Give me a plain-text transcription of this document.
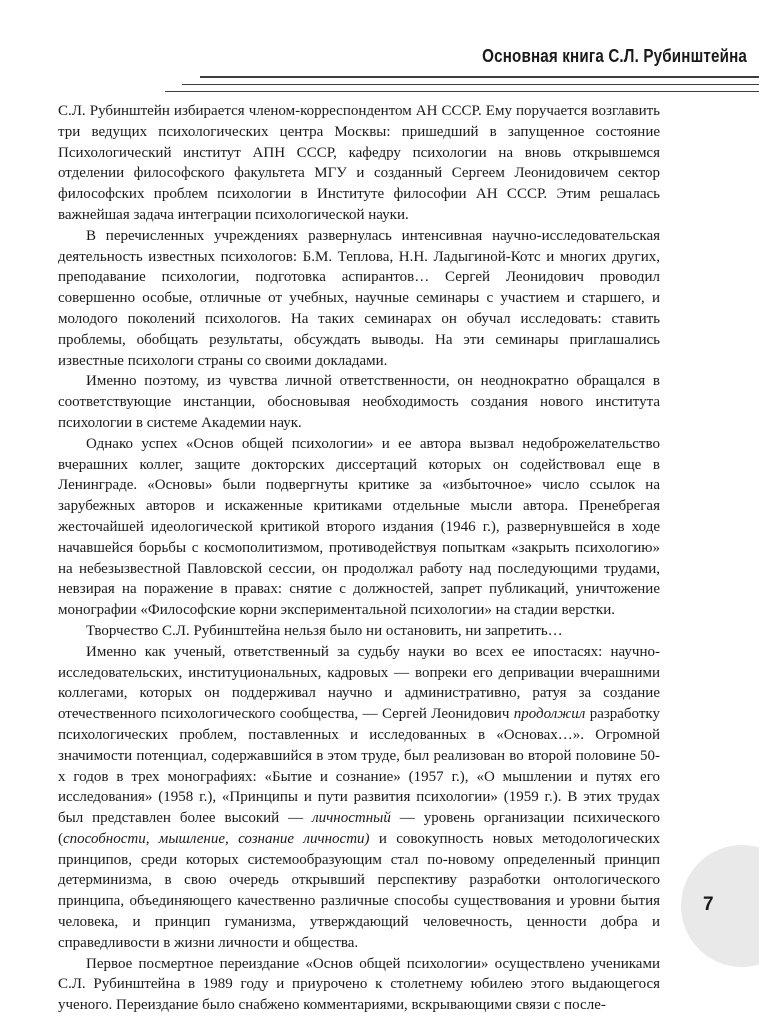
Основная книга С.Л. Рубинштейна

С.Л. Рубинштейн избирается членом-корреспондентом АН СССР. Ему поручается возглавить три ведущих психологических центра Москвы: пришедший в запущенное состояние Психологический институт АПН СССР, кафедру психологии на вновь открывшемся отделении философского факультета МГУ и созданный Сергеем Леонидовичем сектор философских проблем психологии в Институте философии АН СССР. Этим решалась важнейшая задача интеграции психологической науки.

В перечисленных учреждениях развернулась интенсивная научно-исследовательская деятельность известных психологов: Б.М. Теплова, Н.Н. Ладыгиной-Котс и многих других, преподавание психологии, подготовка аспирантов… Сергей Леонидович проводил совершенно особые, отличные от учебных, научные семинары с участием и старшего, и молодого поколений психологов. На таких семинарах он обучал исследовать: ставить проблемы, обобщать результаты, обсуждать выводы. На эти семинары приглашались известные психологи страны со своими докладами.

Именно поэтому, из чувства личной ответственности, он неоднократно обращался в соответствующие инстанции, обосновывая необходимость создания нового института психологии в системе Академии наук.

Однако успех «Основ общей психологии» и ее автора вызвал недоброжелательство вчерашних коллег, защите докторских диссертаций которых он содействовал еще в Ленинграде. «Основы» были подвергнуты критике за «избыточное» число ссылок на зарубежных авторов и искаженные критиками отдельные мысли автора. Пренебрегая жесточайшей идеологической критикой второго издания (1946 г.), развернувшейся в ходе начавшейся борьбы с космополитизмом, противодействуя попыткам «закрыть психологию» на небезызвестной Павловской сессии, он продолжал работу над последующими трудами, невзирая на поражение в правах: снятие с должностей, запрет публикаций, уничтожение монографии «Философские корни экспериментальной психологии» на стадии верстки.

Творчество С.Л. Рубинштейна нельзя было ни остановить, ни запретить…

Именно как ученый, ответственный за судьбу науки во всех ее ипостасях: научно-исследовательских, институциональных, кадровых — вопреки его депривации вчерашними коллегами, которых он поддерживал научно и административно, ратуя за создание отечественного психологического сообщества, — Сергей Леонидович продолжил разработку психологических проблем, поставленных и исследованных в «Основах…». Огромной значимости потенциал, содержавшийся в этом труде, был реализован во второй половине 50-х годов в трех монографиях: «Бытие и сознание» (1957 г.), «О мышлении и путях его исследования» (1958 г.), «Принципы и пути развития психологии» (1959 г.). В этих трудах был представлен более высокий — личностный — уровень организации психического (способности, мышление, сознание личности) и совокупность новых методологических принципов, среди которых системообразующим стал по-новому определенный принцип детерминизма, в свою очередь открывший перспективу разработки онтологического принципа, объединяющего качественно различные способы существования и уровни бытия человека, и принцип гуманизма, утверждающий человечность, ценности добра и справедливости в жизни личности и общества.

Первое посмертное переиздание «Основ общей психологии» осуществлено учениками С.Л. Рубинштейна в 1989 году и приурочено к столетнему юбилею этого выдающегося ученого. Переиздание было снабжено комментариями, вскрывающими связи с после-

7
